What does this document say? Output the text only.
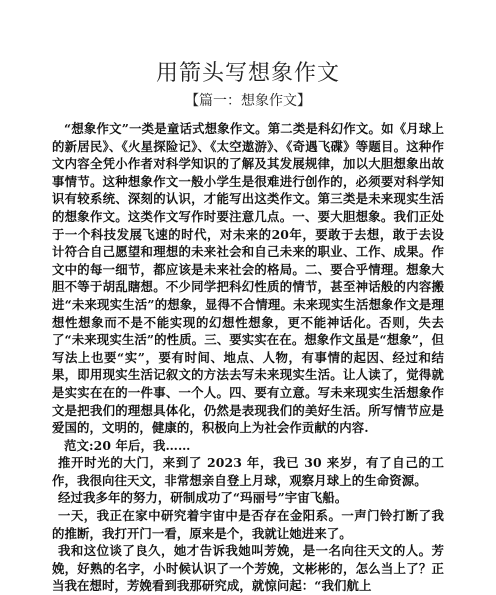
用箭头写想象作文
【篇一：想象作文】

“想象作文”一类是童话式想象作文。第二类是科幻作文。如《月球上的新居民》、《火星探险记》、《太空遨游》、《奇遇飞碟》等题目。这种作文内容全凭小作者对科学知识的了解及其发展规律，加以大胆想象出故事情节。这种想象作文一般小学生是很难进行创作的，必须要对科学知识有较系统、深刻的认识，才能写出这类作文。第三类是未来现实生活的想象作文。这类作文写作时要注意几点。一、要大胆想象。我们正处于一个科技发展飞速的时代，对未来的20年，要敢于去想，敢于去设计符合自己愿望和理想的未来社会和自己未来的职业、工作、成果。作文中的每一细节，都应该是未来社会的格局。二、要合乎情理。想象大胆不等于胡乱瞎想。不少同学把科幻性质的情节，甚至神话般的内容搬进“未来现实生活”的想象，显得不合情理。未来现实生活想象作文是理想性想象而不是不能实现的幻想性想象，更不能神话化。否则，失去了“未来现实生活”的性质。三、要实实在在。想象作文虽是“想象”，但写法上也要“实”，要有时间、地点、人物，有事情的起因、经过和结果，即用现实生活记叙文的方法去写未来现实生活。让人读了，觉得就是实实在在的一件事、一个人。四、要有立意。写未来现实生活想象作文是把我们的理想具体化，仍然是表现我们的美好生活。所写情节应是爱国的，文明的，健康的，积极向上为社会作贡献的内容.

范文:20 年后，我……

推开时光的大门，来到了 2023 年，我已 30 来岁，有了自己的工作，我很向往天文，非常想亲自登上月球，观察月球上的生命资源。

经过我多年的努力，研制成功了“玛丽号”宇宙飞船。

一天，我正在家中研究着宇宙中是否存在金阳系。一声门铃打断了我的推断，我打开门一看，原来是个，我就让她进来了。

我和这位谈了良久，她才告诉我她叫芳娩，是一名向往天文的人。芳娩，好熟的名字，小时候认识了一个芳娩，文彬彬的，怎么当上了？正当我在想时，芳娩看到我那研究成，就惊问起：“我们航上
